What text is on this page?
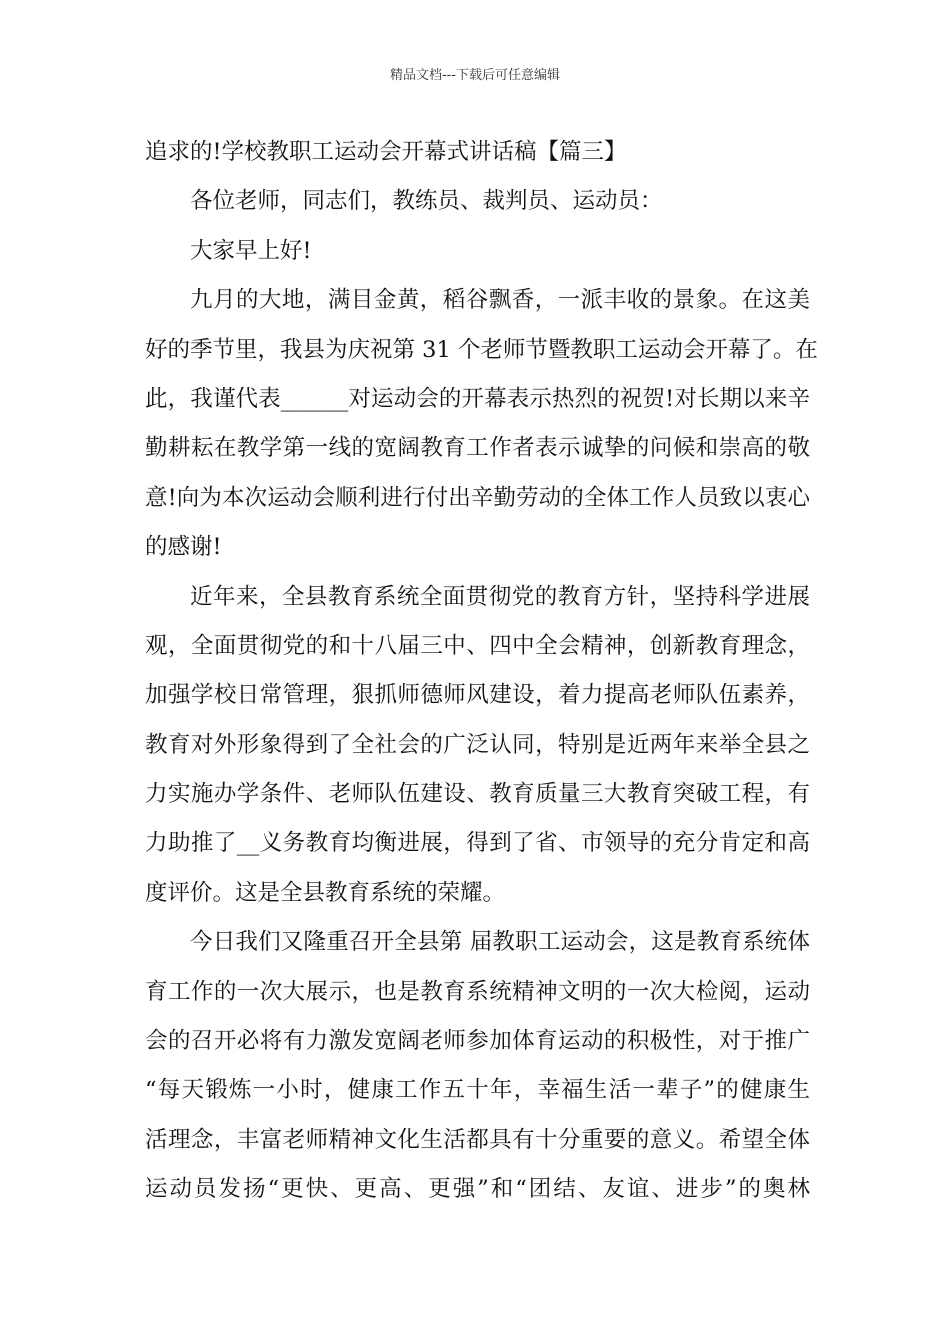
精品文档---下载后可任意编辑
追求的!学校教职工运动会开幕式讲话稿【篇三】
各位老师，同志们，教练员、裁判员、运动员：
大家早上好!
九月的大地，满目金黄，稻谷飘香，一派丰收的景象。在这美
好的季节里，我县为庆祝第 31 个老师节暨教职工运动会开幕了。在
此，我谨代表______对运动会的开幕表示热烈的祝贺!对长期以来辛
勤耕耘在教学第一线的宽阔教育工作者表示诚挚的问候和崇高的敬
意!向为本次运动会顺利进行付出辛勤劳动的全体工作人员致以衷心
的感谢!
近年来，全县教育系统全面贯彻党的教育方针，坚持科学进展
观，全面贯彻党的和十八届三中、四中全会精神，创新教育理念，
加强学校日常管理，狠抓师德师风建设，着力提高老师队伍素养，
教育对外形象得到了全社会的广泛认同，特别是近两年来举全县之
力实施办学条件、老师队伍建设、教育质量三大教育突破工程，有
力助推了__义务教育均衡进展，得到了省、市领导的充分肯定和高
度评价。这是全县教育系统的荣耀。
今日我们又隆重召开全县第 届教职工运动会，这是教育系统体
育工作的一次大展示，也是教育系统精神文明的一次大检阅，运动
会的召开必将有力激发宽阔老师参加体育运动的积极性，对于推广
“每天锻炼一小时，健康工作五十年，幸福生活一辈子”的健康生
活理念，丰富老师精神文化生活都具有十分重要的意义。希望全体
运动员发扬“更快、更高、更强”和“团结、友谊、进步”的奥林
